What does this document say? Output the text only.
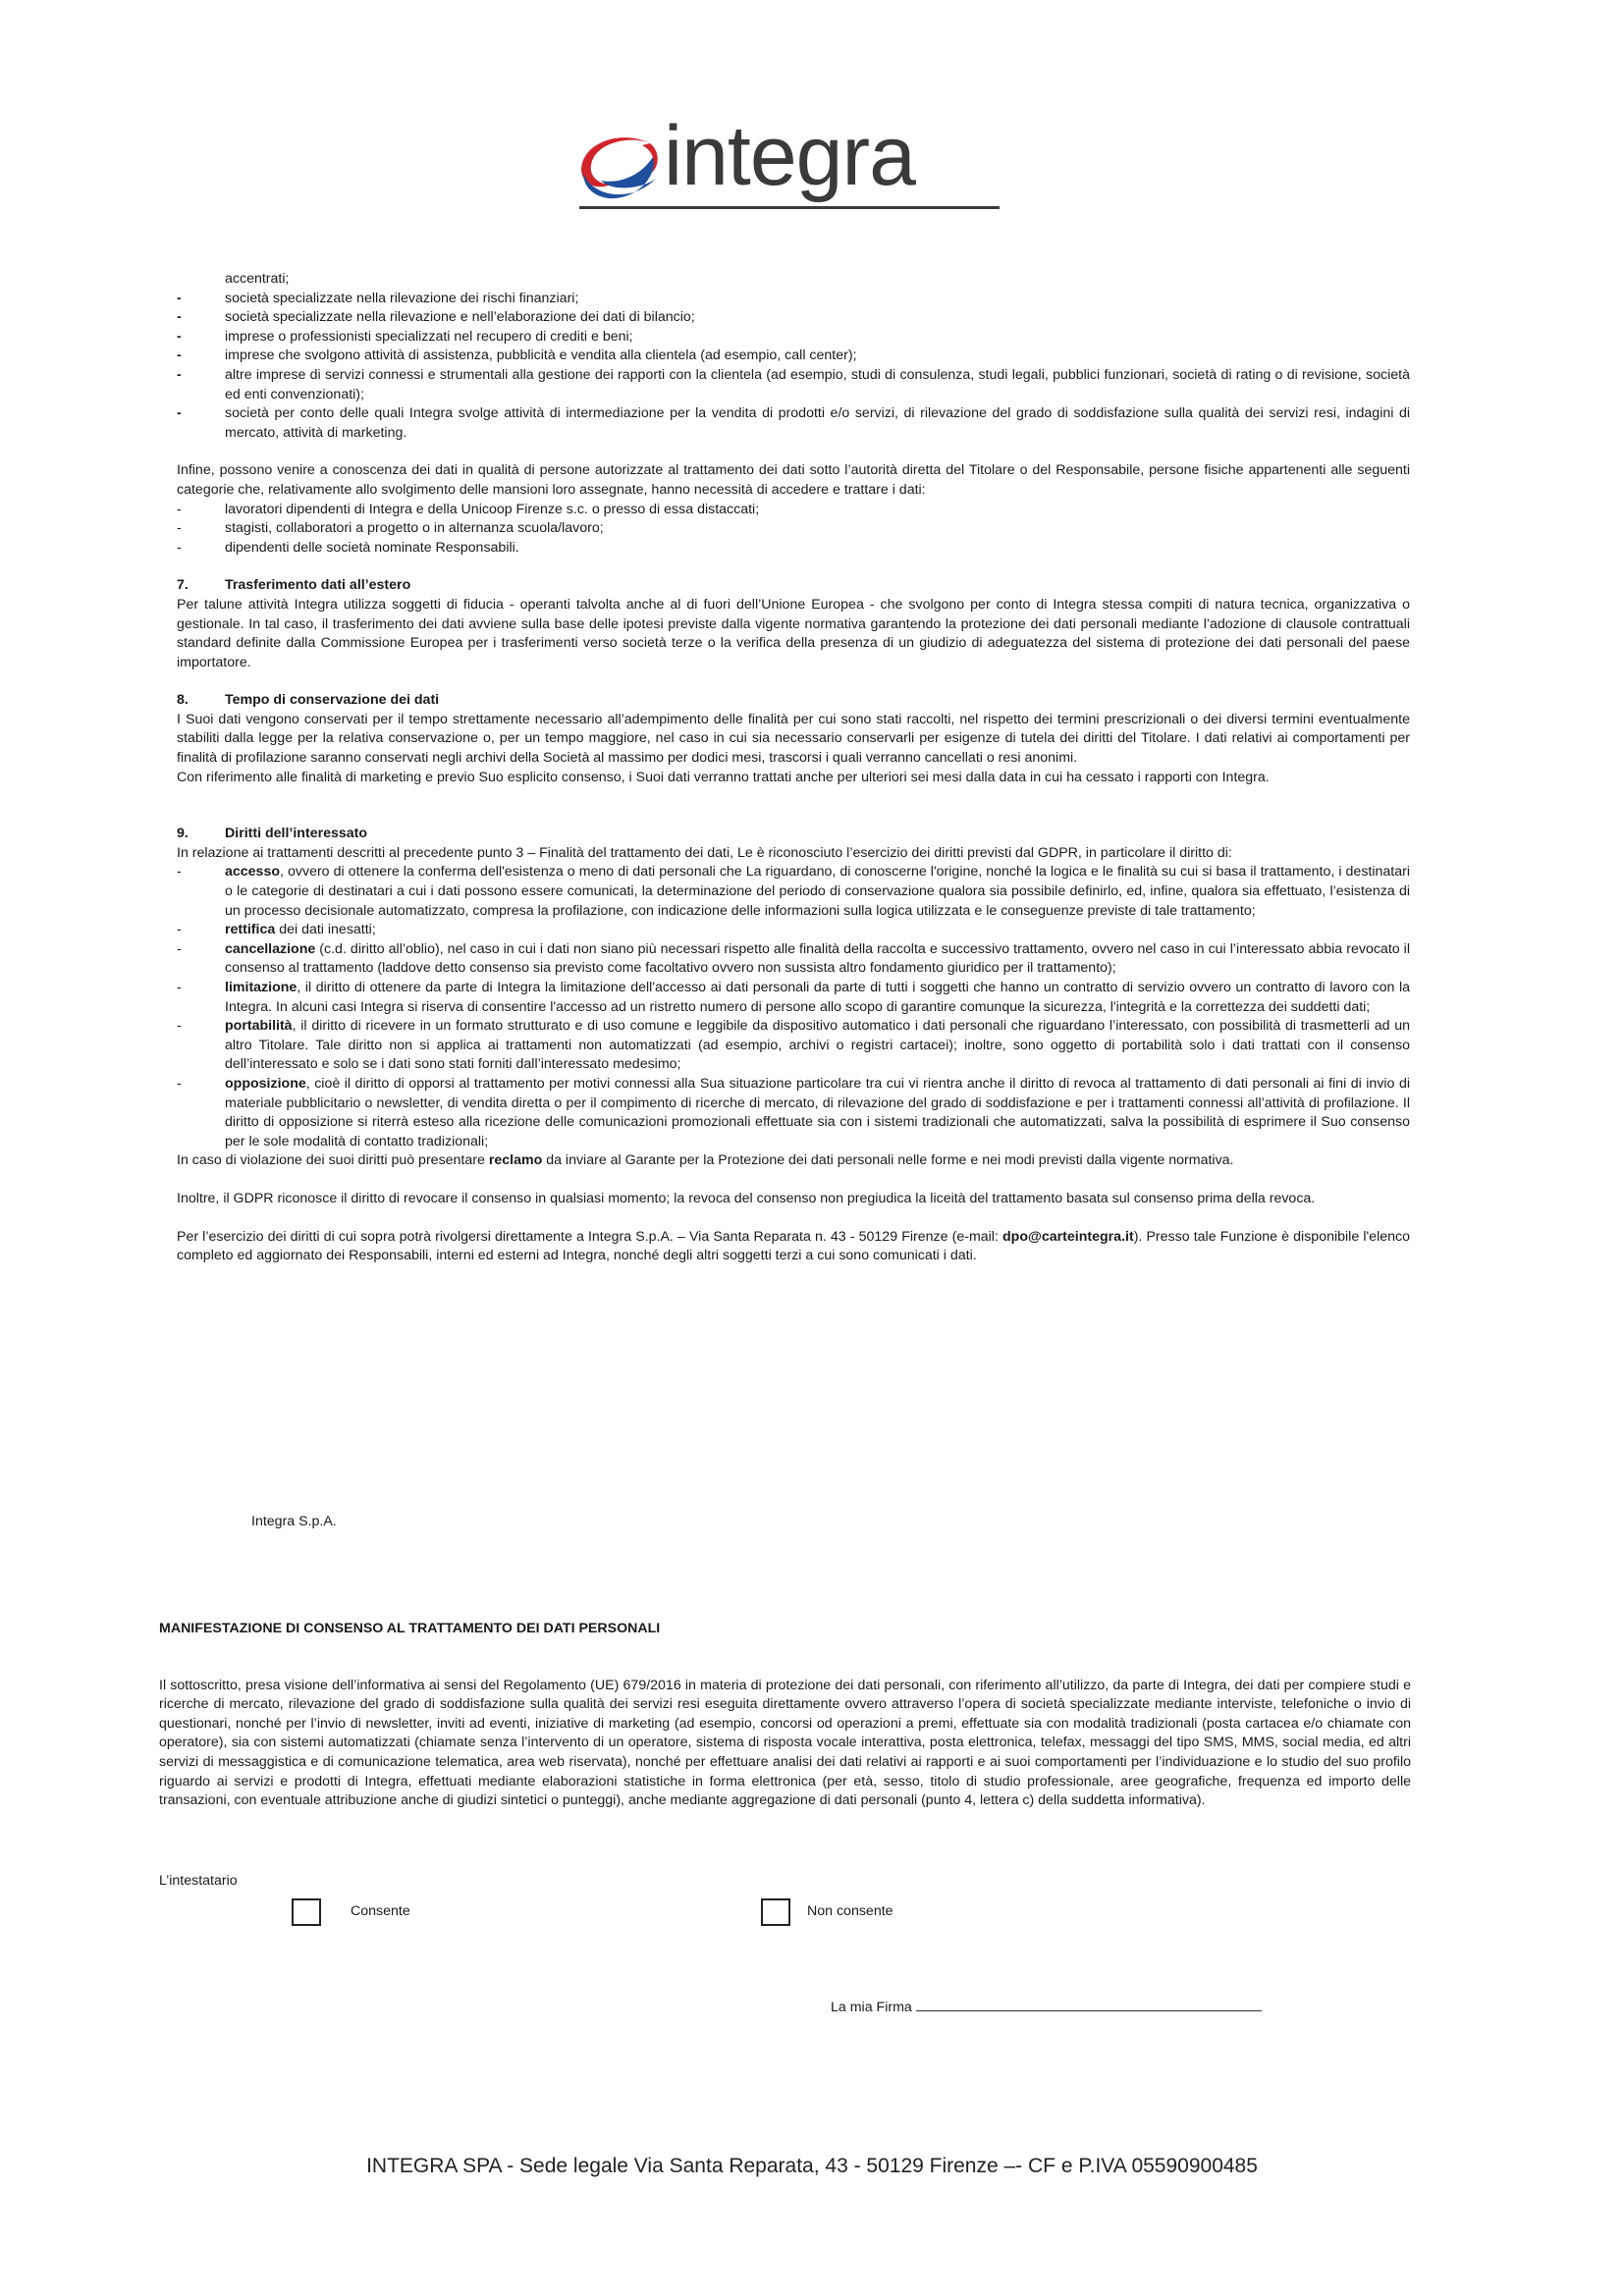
integra
accentrati;
-	società specializzate nella rilevazione dei rischi finanziari;
-	società specializzate nella rilevazione e nell’elaborazione dei dati di bilancio;
-	imprese o professionisti specializzati nel recupero di crediti e beni;
-	imprese che svolgono attività di assistenza, pubblicità e vendita alla clientela (ad esempio, call center);
-	altre imprese di servizi connessi e strumentali alla gestione dei rapporti con la clientela (ad esempio, studi di consulenza, studi legali, pubblici funzionari, società di rating o di revisione, società ed enti convenzionati);
-	società per conto delle quali Integra svolge attività di intermediazione per la vendita di prodotti e/o servizi, di rilevazione del grado di soddisfazione sulla qualità dei servizi resi, indagini di mercato, attività di marketing.
Infine, possono venire a conoscenza dei dati in qualità di persone autorizzate al trattamento dei dati sotto l’autorità diretta del Titolare o del Responsabile, persone fisiche appartenenti alle seguenti categorie che, relativamente allo svolgimento delle mansioni loro assegnate, hanno necessità di accedere e trattare i dati:
-	lavoratori dipendenti di Integra e della Unicoop Firenze s.c. o presso di essa distaccati;
-	stagisti, collaboratori a progetto o in alternanza scuola/lavoro;
-	dipendenti delle società nominate Responsabili.
7.	Trasferimento dati all’estero
Per talune attività Integra utilizza soggetti di fiducia - operanti talvolta anche al di fuori dell’Unione Europea - che svolgono per conto di Integra stessa compiti di natura tecnica, organizzativa o gestionale. In tal caso, il trasferimento dei dati avviene sulla base delle ipotesi previste dalla vigente normativa garantendo la protezione dei dati personali mediante l’adozione di clausole contrattuali standard definite dalla Commissione Europea per i trasferimenti verso società terze o la verifica della presenza di un giudizio di adeguatezza del sistema di protezione dei dati personali del paese importatore.
8.	Tempo di conservazione dei dati
I Suoi dati vengono conservati per il tempo strettamente necessario all’adempimento delle finalità per cui sono stati raccolti, nel rispetto dei termini prescrizionali o dei diversi termini eventualmente stabiliti dalla legge per la relativa conservazione o, per un tempo maggiore, nel caso in cui sia necessario conservarli per esigenze di tutela dei diritti del Titolare. I dati relativi ai comportamenti per finalità di profilazione saranno conservati negli archivi della Società al massimo per dodici mesi, trascorsi i quali verranno cancellati o resi anonimi.
Con riferimento alle finalità di marketing e previo Suo esplicito consenso, i Suoi dati verranno trattati anche per ulteriori sei mesi dalla data in cui ha cessato i rapporti con Integra.
9.	Diritti dell’interessato
In relazione ai trattamenti descritti al precedente punto 3 – Finalità del trattamento dei dati, Le è riconosciuto l’esercizio dei diritti previsti dal GDPR, in particolare il diritto di:
-	accesso, ovvero di ottenere la conferma dell'esistenza o meno di dati personali che La riguardano, di conoscerne l'origine, nonché la logica e le finalità su cui si basa il trattamento, i destinatari o le categorie di destinatari a cui i dati possono essere comunicati, la determinazione del periodo di conservazione qualora sia possibile definirlo, ed, infine, qualora sia effettuato, l’esistenza di un processo decisionale automatizzato, compresa la profilazione, con indicazione delle informazioni sulla logica utilizzata e le conseguenze previste di tale trattamento;
-	rettifica dei dati inesatti;
-	cancellazione (c.d. diritto all’oblio), nel caso in cui i dati non siano più necessari rispetto alle finalità della raccolta e successivo trattamento, ovvero nel caso in cui l’interessato abbia revocato il consenso al trattamento (laddove detto consenso sia previsto come facoltativo ovvero non sussista altro fondamento giuridico per il trattamento);
-	limitazione, il diritto di ottenere da parte di Integra la limitazione dell'accesso ai dati personali da parte di tutti i soggetti che hanno un contratto di servizio ovvero un contratto di lavoro con la Integra. In alcuni casi Integra si riserva di consentire l'accesso ad un ristretto numero di persone allo scopo di garantire comunque la sicurezza, l'integrità e la correttezza dei suddetti dati;
-	portabilità, il diritto di ricevere in un formato strutturato e di uso comune e leggibile da dispositivo automatico i dati personali che riguardano l’interessato, con possibilità di trasmetterli ad un altro Titolare. Tale diritto non si applica ai trattamenti non automatizzati (ad esempio, archivi o registri cartacei); inoltre, sono oggetto di portabilità solo i dati trattati con il consenso dell’interessato e solo se i dati sono stati forniti dall’interessato medesimo;
-	opposizione, cioè il diritto di opporsi al trattamento per motivi connessi alla Sua situazione particolare tra cui vi rientra anche il diritto di revoca al trattamento di dati personali ai fini di invio di materiale pubblicitario o newsletter, di vendita diretta o per il compimento di ricerche di mercato, di rilevazione del grado di soddisfazione e per i trattamenti connessi all’attività di profilazione. Il diritto di opposizione si riterrà esteso alla ricezione delle comunicazioni promozionali effettuate sia con i sistemi tradizionali che automatizzati, salva la possibilità di esprimere il Suo consenso per le sole modalità di contatto tradizionali;
In caso di violazione dei suoi diritti può presentare reclamo da inviare al Garante per la Protezione dei dati personali nelle forme e nei modi previsti dalla vigente normativa.
Inoltre, il GDPR riconosce il diritto di revocare il consenso in qualsiasi momento; la revoca del consenso non pregiudica la liceità del trattamento basata sul consenso prima della revoca.
Per l’esercizio dei diritti di cui sopra potrà rivolgersi direttamente a Integra S.p.A. – Via Santa Reparata n. 43 - 50129 Firenze (e-mail: dpo@carteintegra.it). Presso tale Funzione è disponibile l'elenco completo ed aggiornato dei Responsabili, interni ed esterni ad Integra, nonché degli altri soggetti terzi a cui sono comunicati i dati.
Integra S.p.A.
MANIFESTAZIONE DI CONSENSO AL TRATTAMENTO DEI DATI PERSONALI
Il sottoscritto, presa visione dell’informativa ai sensi del Regolamento (UE) 679/2016 in materia di protezione dei dati personali, con riferimento all’utilizzo, da parte di Integra, dei dati per compiere studi e ricerche di mercato, rilevazione del grado di soddisfazione sulla qualità dei servizi resi eseguita direttamente ovvero attraverso l’opera di società specializzate mediante interviste, telefoniche o invio di questionari, nonché per l’invio di newsletter, inviti ad eventi, iniziative di marketing (ad esempio, concorsi od operazioni a premi, effettuate sia con modalità tradizionali (posta cartacea e/o chiamate con operatore), sia con sistemi automatizzati (chiamate senza l’intervento di un operatore, sistema di risposta vocale interattiva, posta elettronica, telefax, messaggi del tipo SMS, MMS, social media, ed altri servizi di messaggistica e di comunicazione telematica, area web riservata), nonché per effettuare analisi dei dati relativi ai rapporti e ai suoi comportamenti per l’individuazione e lo studio del suo profilo riguardo ai servizi e prodotti di Integra, effettuati mediante elaborazioni statistiche in forma elettronica (per età, sesso, titolo di studio professionale, aree geografiche, frequenza ed importo delle transazioni, con eventuale attribuzione anche di giudizi sintetici o punteggi), anche mediante aggregazione di dati personali (punto 4, lettera c) della suddetta informativa).
L’intestatario
Consente	Non consente
La mia Firma
INTEGRA SPA - Sede legale Via Santa Reparata, 43 - 50129 Firenze –- CF e P.IVA 05590900485
